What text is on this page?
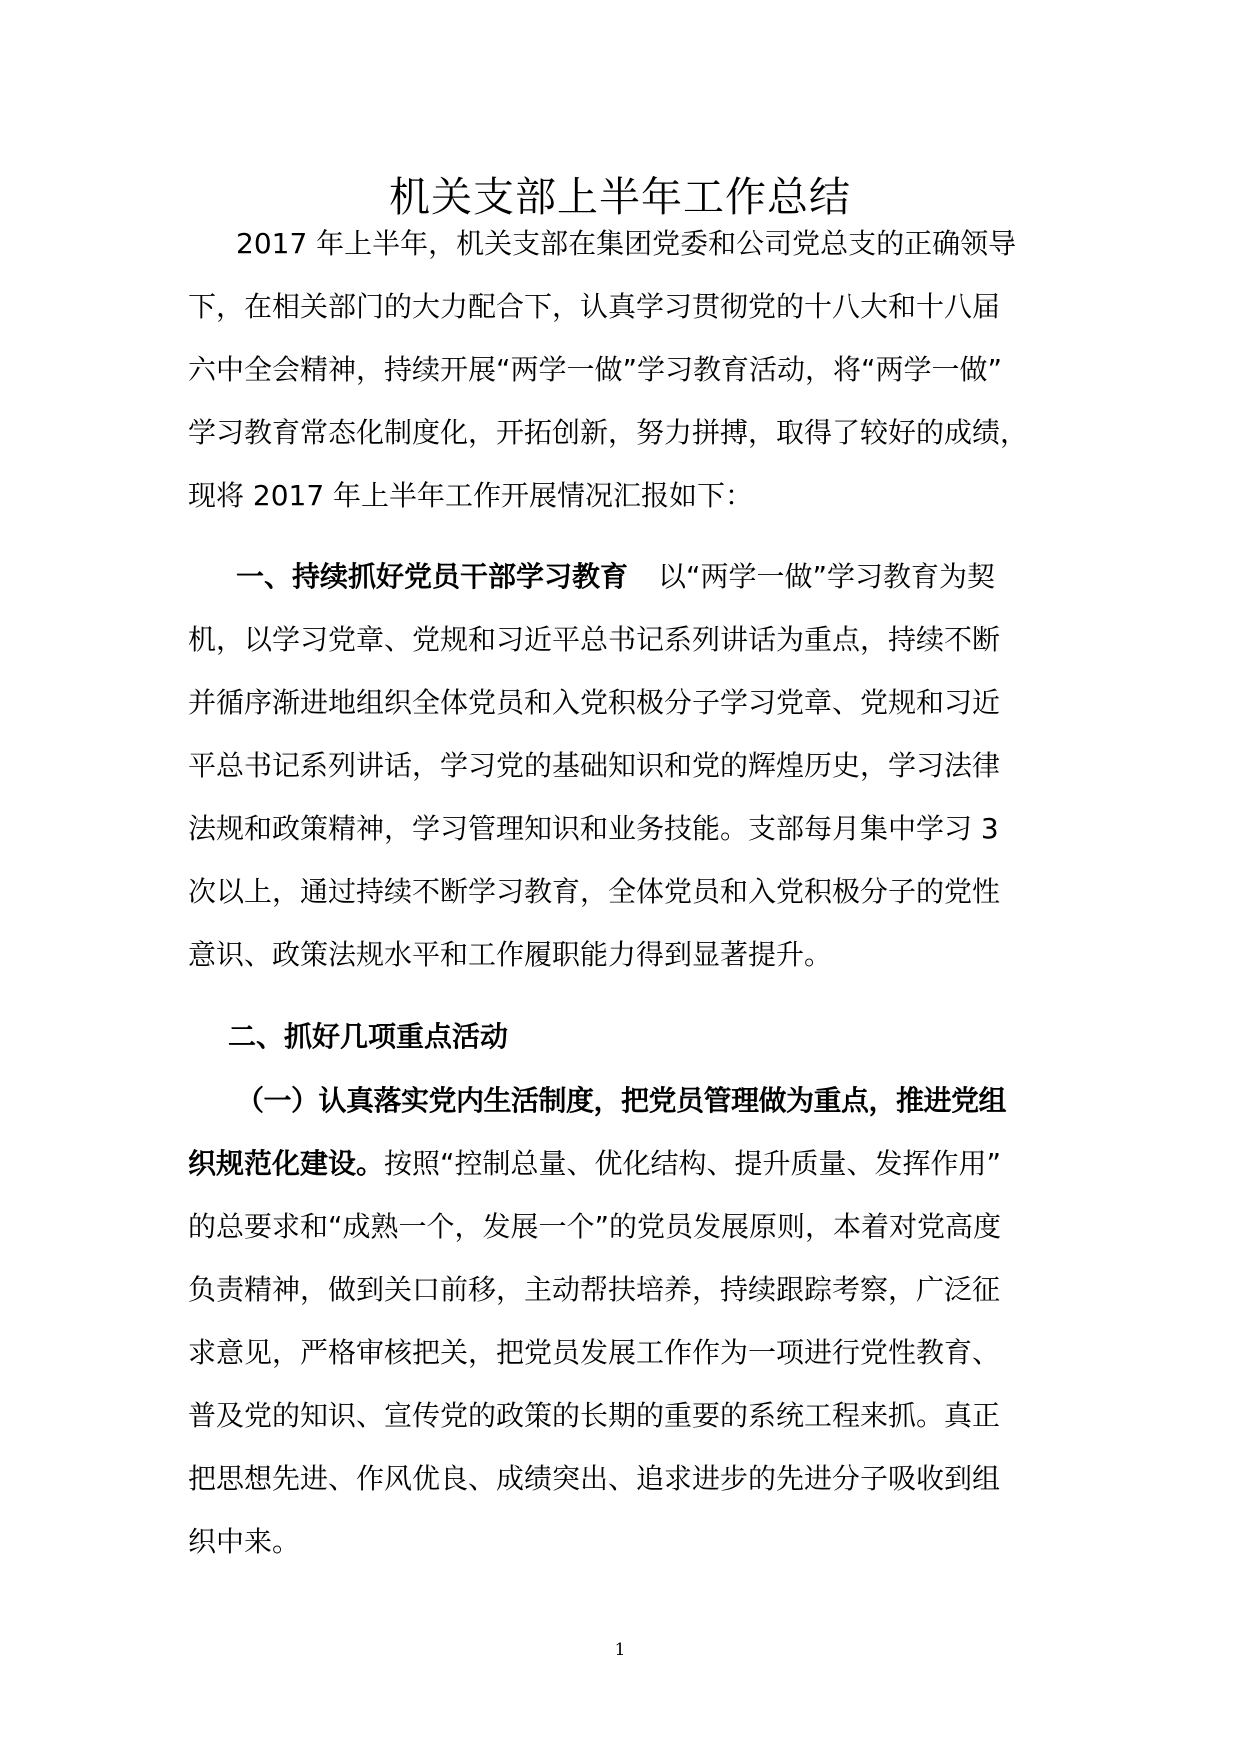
机关支部上半年工作总结
2017 年上半年，机关支部在集团党委和公司党总支的正确领导
下，在相关部门的大力配合下，认真学习贯彻党的十八大和十八届
六中全会精神，持续开展“两学一做”学习教育活动，将“两学一做”
学习教育常态化制度化，开拓创新，努力拼搏，取得了较好的成绩，
现将 2017 年上半年工作开展情况汇报如下：
一、持续抓好党员干部学习教育 以“两学一做”学习教育为契
机，以学习党章、党规和习近平总书记系列讲话为重点，持续不断
并循序渐进地组织全体党员和入党积极分子学习党章、党规和习近
平总书记系列讲话，学习党的基础知识和党的辉煌历史，学习法律
法规和政策精神，学习管理知识和业务技能。支部每月集中学习 3
次以上，通过持续不断学习教育，全体党员和入党积极分子的党性
意识、政策法规水平和工作履职能力得到显著提升。
二、抓好几项重点活动
（一）认真落实党内生活制度，把党员管理做为重点，推进党组
织规范化建设。按照“控制总量、优化结构、提升质量、发挥作用”
的总要求和“成熟一个，发展一个”的党员发展原则，本着对党高度
负责精神，做到关口前移，主动帮扶培养，持续跟踪考察，广泛征
求意见，严格审核把关，把党员发展工作作为一项进行党性教育、
普及党的知识、宣传党的政策的长期的重要的系统工程来抓。真正
把思想先进、作风优良、成绩突出、追求进步的先进分子吸收到组
织中来。
1
